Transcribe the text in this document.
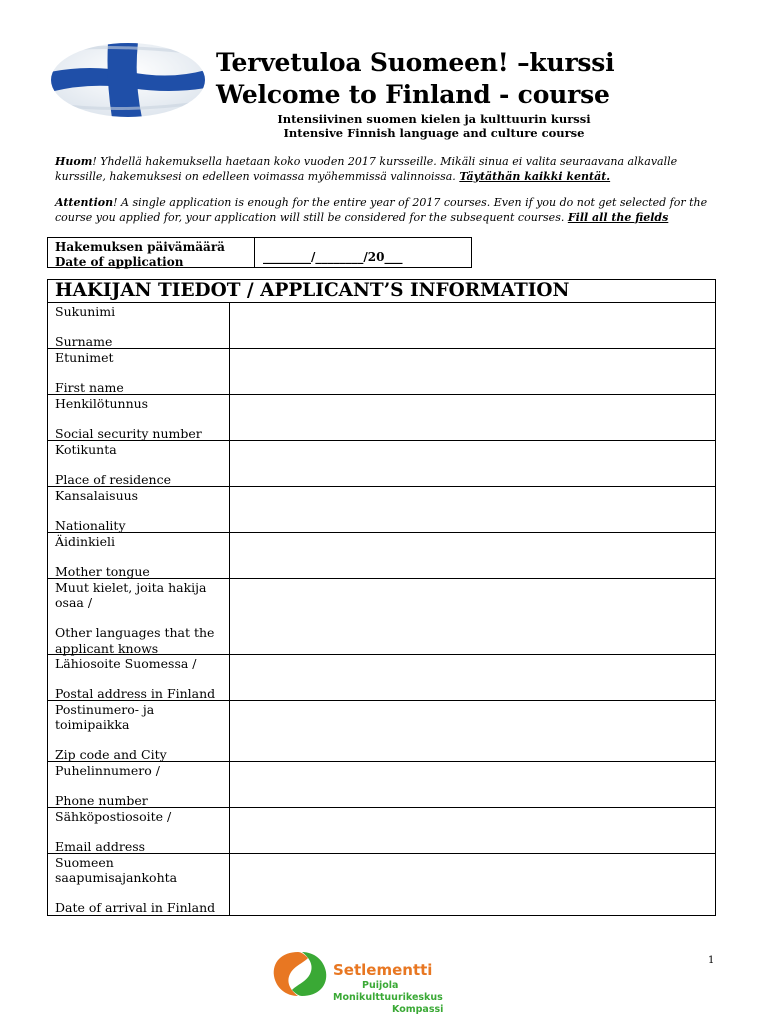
Tervetuloa Suomeen! –kurssi
Welcome to Finland - course
Intensiivinen suomen kielen ja kulttuurin kurssi
Intensive Finnish language and culture course
Huom! Yhdellä hakemuksella haetaan koko vuoden 2017 kursseille. Mikäli sinua ei valita seuraavana alkavalle kurssille, hakemuksesi on edelleen voimassa myöhemmissä valinnoissa. Täytäthän kaikki kentät.
Attention! A single application is enough for the entire year of 2017 courses. Even if you do not get selected for the course you applied for, your application will still be considered for the subsequent courses. Fill all the fields
Hakemuksen päivämäärä
Date of application	________/________/20___
HAKIJAN TIEDOT / APPLICANT’S INFORMATION
Sukunimi
Surname
Etunimet
First name
Henkilötunnus
Social security number
Kotikunta
Place of residence
Kansalaisuus
Nationality
Äidinkieli
Mother tongue
Muut kielet, joita hakija osaa /
Other languages that the applicant knows
Lähiosoite Suomessa /
Postal address in Finland
Postinumero- ja toimipaikka
Zip code and City
Puhelinnumero /
Phone number
Sähköpostiosoite /
Email address
Suomeen saapumisajankohta
Date of arrival in Finland
1
Setlementti
Puijola
Monikulttuurikeskus
Kompassi
